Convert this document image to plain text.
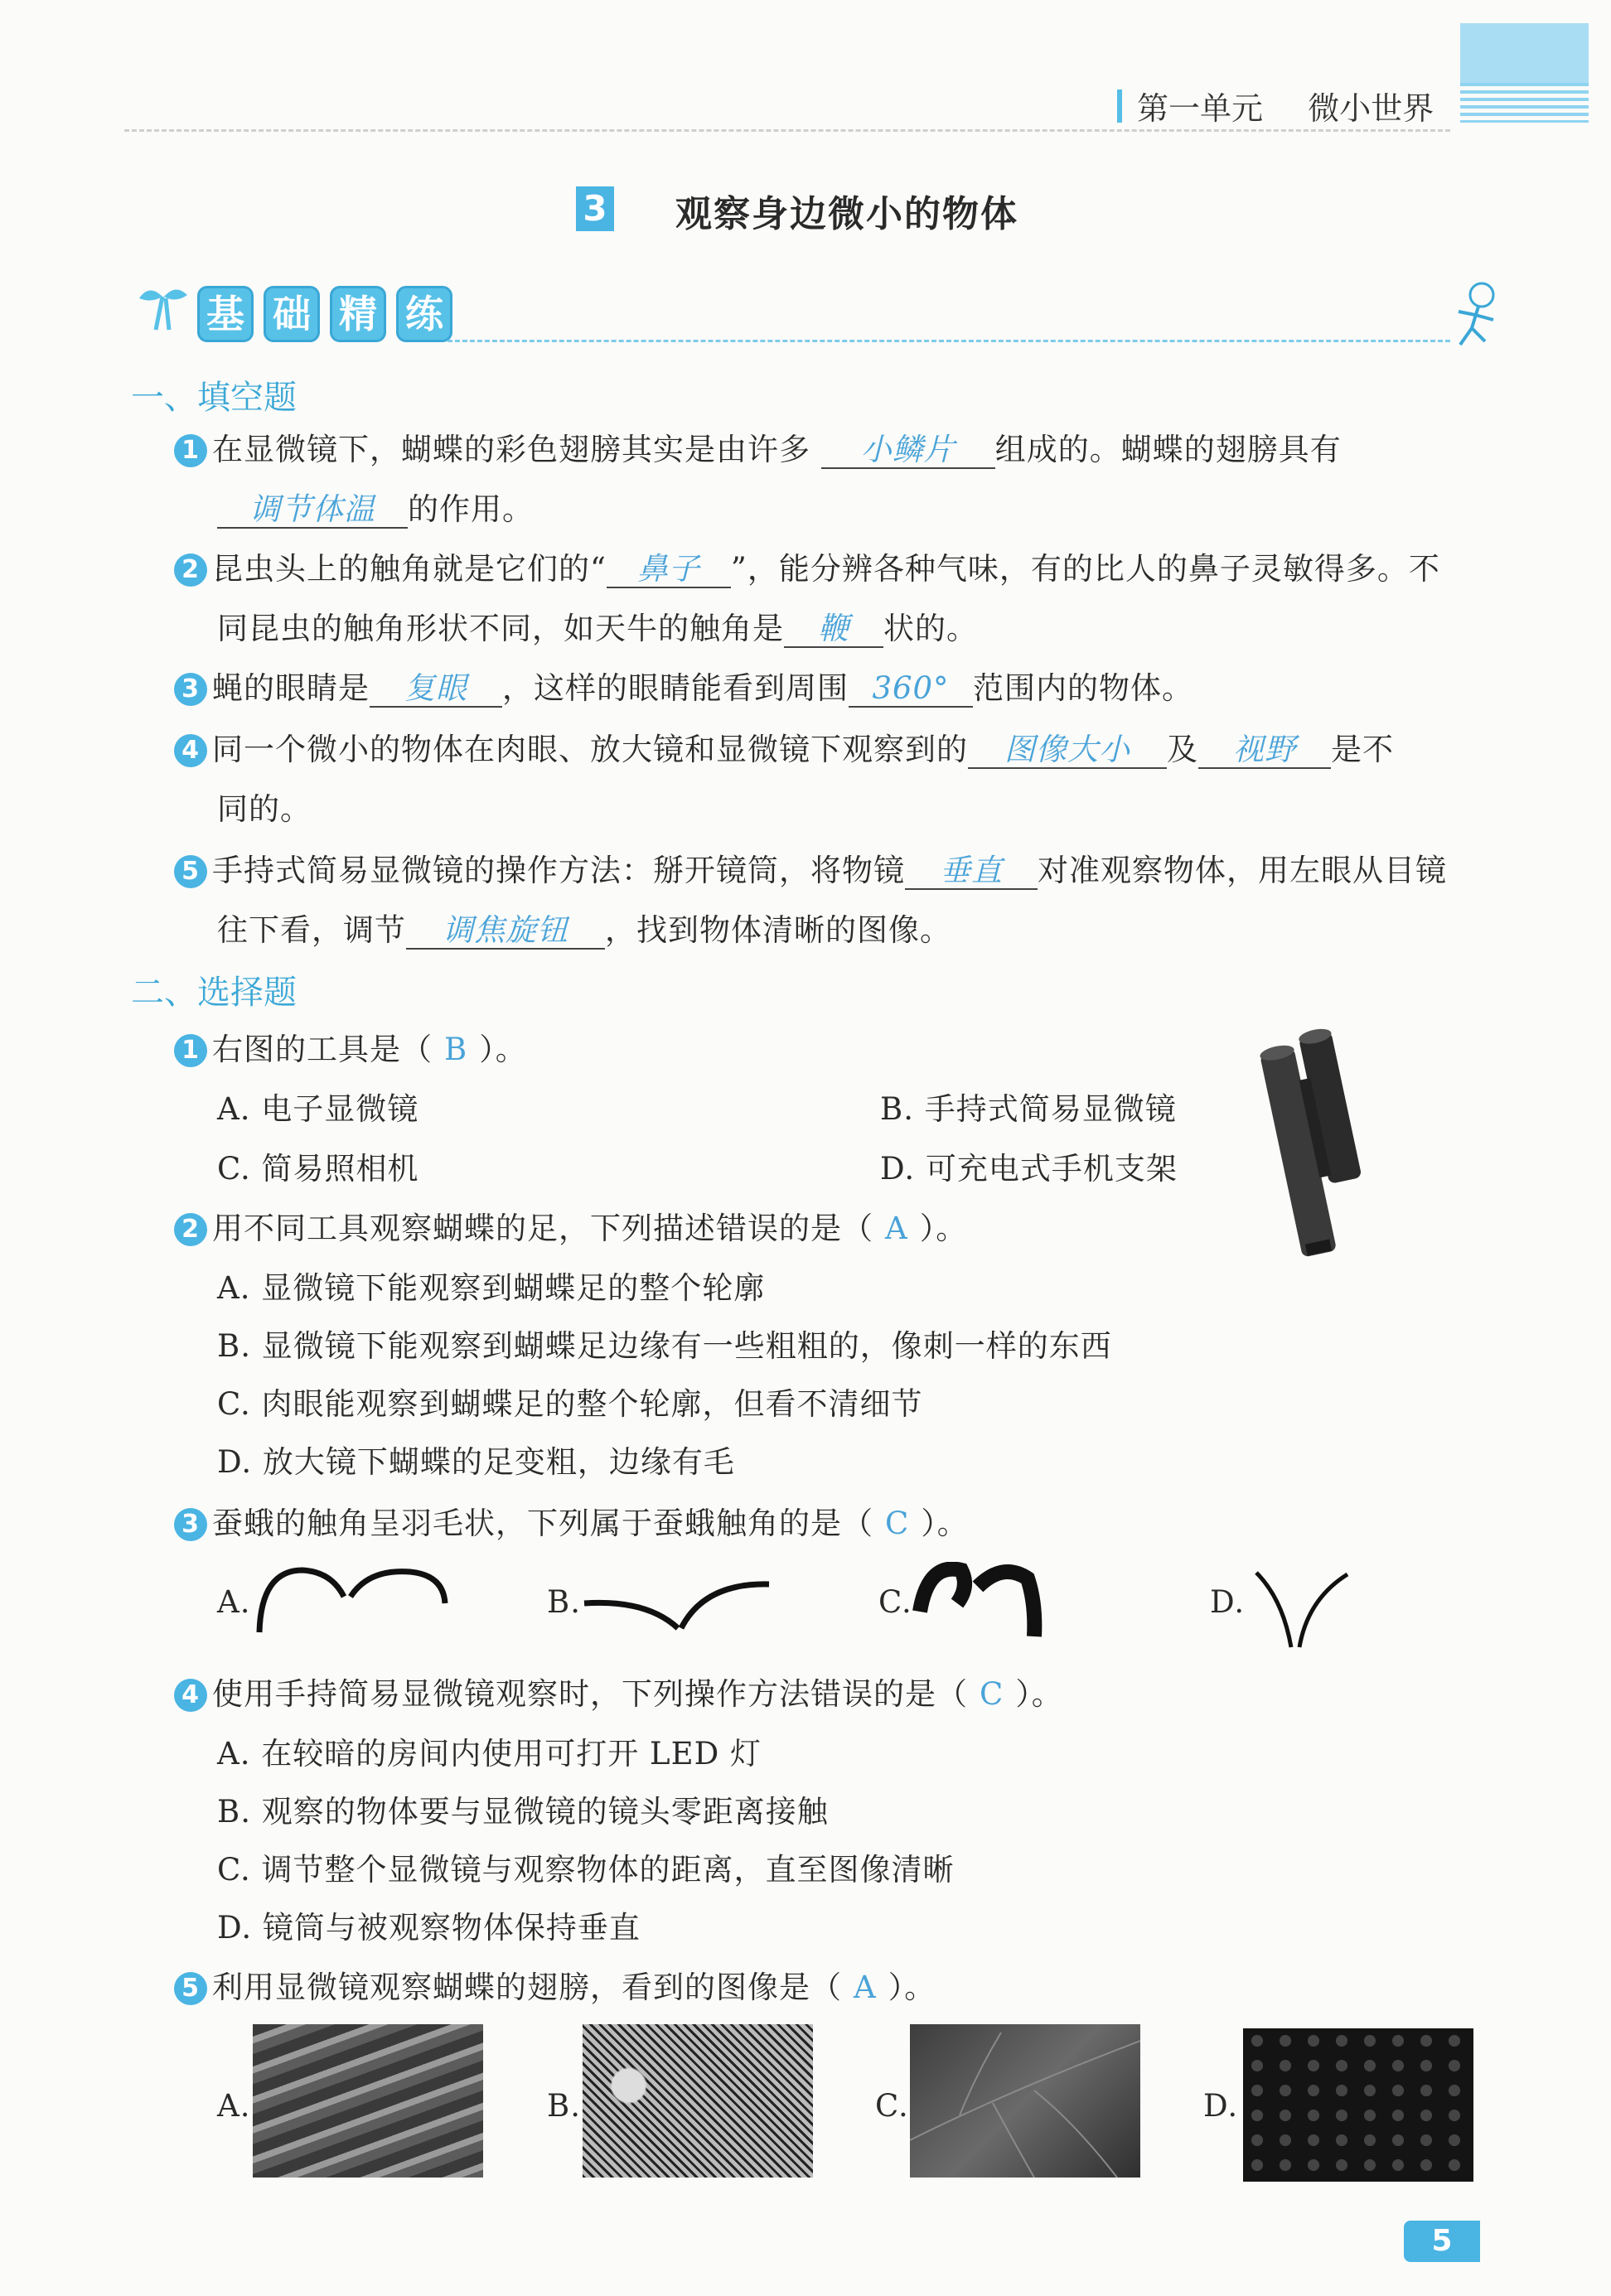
第一单元 微小世界
3 观察身边微小的物体
基 础 精 练
一、填空题
1 在显微镜下，蝴蝶的彩色翅膀其实是由许多 小鳞片 组成的。蝴蝶的翅膀具有
调节体温 的作用。
2 昆虫头上的触角就是它们的“ 鼻子 ”，能分辨各种气味，有的比人的鼻子灵敏得多。不
同昆虫的触角形状不同，如天牛的触角是 鞭 状的。
3 蝇的眼睛是 复眼 ，这样的眼睛能看到周围 360° 范围内的物体。
4 同一个微小的物体在肉眼、放大镜和显微镜下观察到的 图像大小 及 视野 是不
同的。
5 手持式简易显微镜的操作方法：掰开镜筒，将物镜 垂直 对准观察物体，用左眼从目镜
往下看，调节 调焦旋钮 ，找到物体清晰的图像。
二、选择题
1 右图的工具是（ B ）。
A. 电子显微镜	B. 手持式简易显微镜
C. 简易照相机	D. 可充电式手机支架
2 用不同工具观察蝴蝶的足，下列描述错误的是（ A ）。
A. 显微镜下能观察到蝴蝶足的整个轮廓
B. 显微镜下能观察到蝴蝶足边缘有一些粗粗的，像刺一样的东西
C. 肉眼能观察到蝴蝶足的整个轮廓，但看不清细节
D. 放大镜下蝴蝶的足变粗，边缘有毛
3 蚕蛾的触角呈羽毛状，下列属于蚕蛾触角的是（ C ）。
A.	B.	C.	D.
4 使用手持简易显微镜观察时，下列操作方法错误的是（ C ）。
A. 在较暗的房间内使用可打开 LED 灯
B. 观察的物体要与显微镜的镜头零距离接触
C. 调节整个显微镜与观察物体的距离，直至图像清晰
D. 镜筒与被观察物体保持垂直
5 利用显微镜观察蝴蝶的翅膀，看到的图像是（ A ）。
A.	B.	C.	D.
5
